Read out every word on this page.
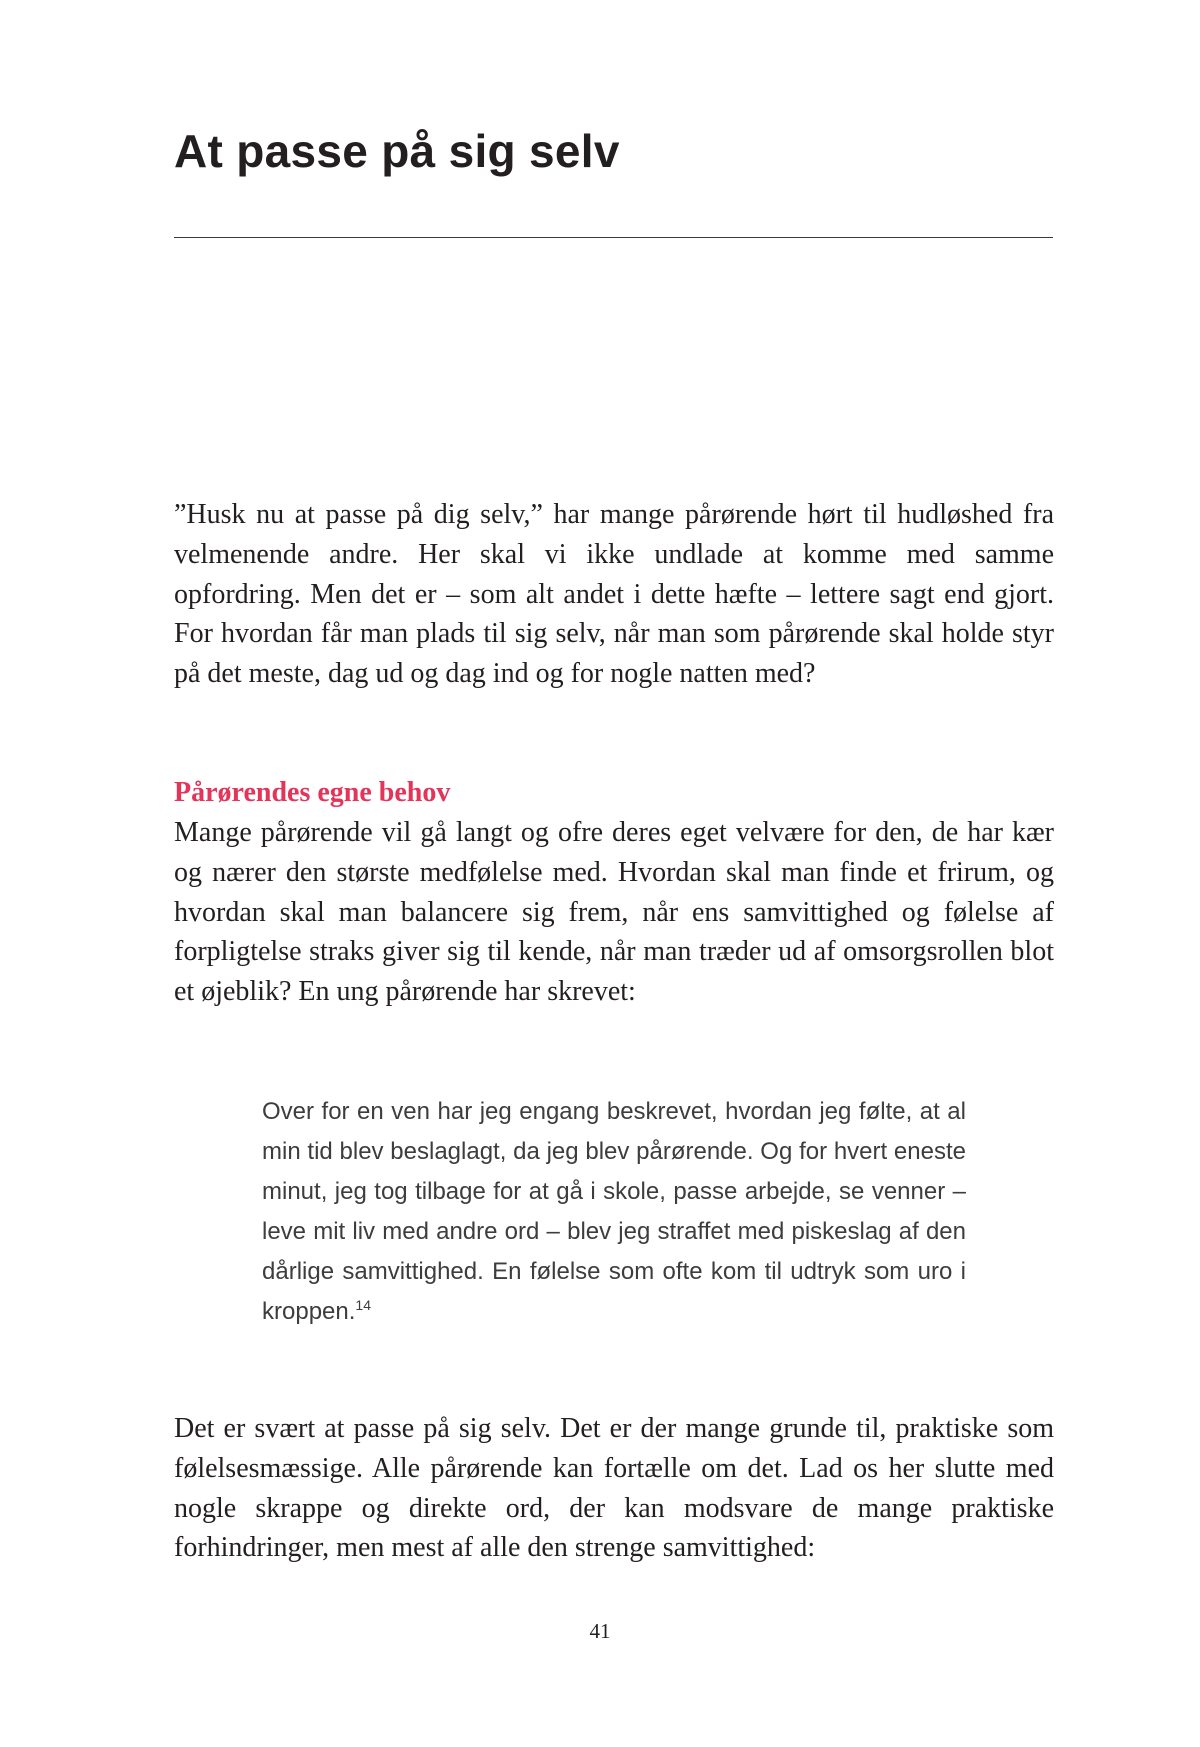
At passe på sig selv

”Husk nu at passe på dig selv,” har mange pårørende hørt til hudløshed fra velmenende andre. Her skal vi ikke undlade at komme med samme opfordring. Men det er – som alt andet i dette hæfte – lettere sagt end gjort. For hvordan får man plads til sig selv, når man som pårørende skal holde styr på det meste, dag ud og dag ind og for nogle natten med?

Pårørendes egne behov

Mange pårørende vil gå langt og ofre deres eget velvære for den, de har kær og nærer den største medfølelse med. Hvordan skal man finde et frirum, og hvordan skal man balancere sig frem, når ens samvittighed og følelse af forpligtelse straks giver sig til kende, når man træder ud af omsorgsrollen blot et øjeblik? En ung pårørende har skrevet:

Over for en ven har jeg engang beskrevet, hvordan jeg følte, at al min tid blev beslaglagt, da jeg blev pårørende. Og for hvert eneste minut, jeg tog tilbage for at gå i skole, passe arbejde, se venner – leve mit liv med andre ord – blev jeg straffet med piskeslag af den dårlige samvittighed. En følelse som ofte kom til udtryk som uro i kroppen.$^{14}$

Det er svært at passe på sig selv. Det er der mange grunde til, praktiske som følelsesmæssige. Alle pårørende kan fortælle om det. Lad os her slutte med nogle skrappe og direkte ord, der kan modsvare de mange praktiske forhindringer, men mest af alle den strenge samvittighed:

41
